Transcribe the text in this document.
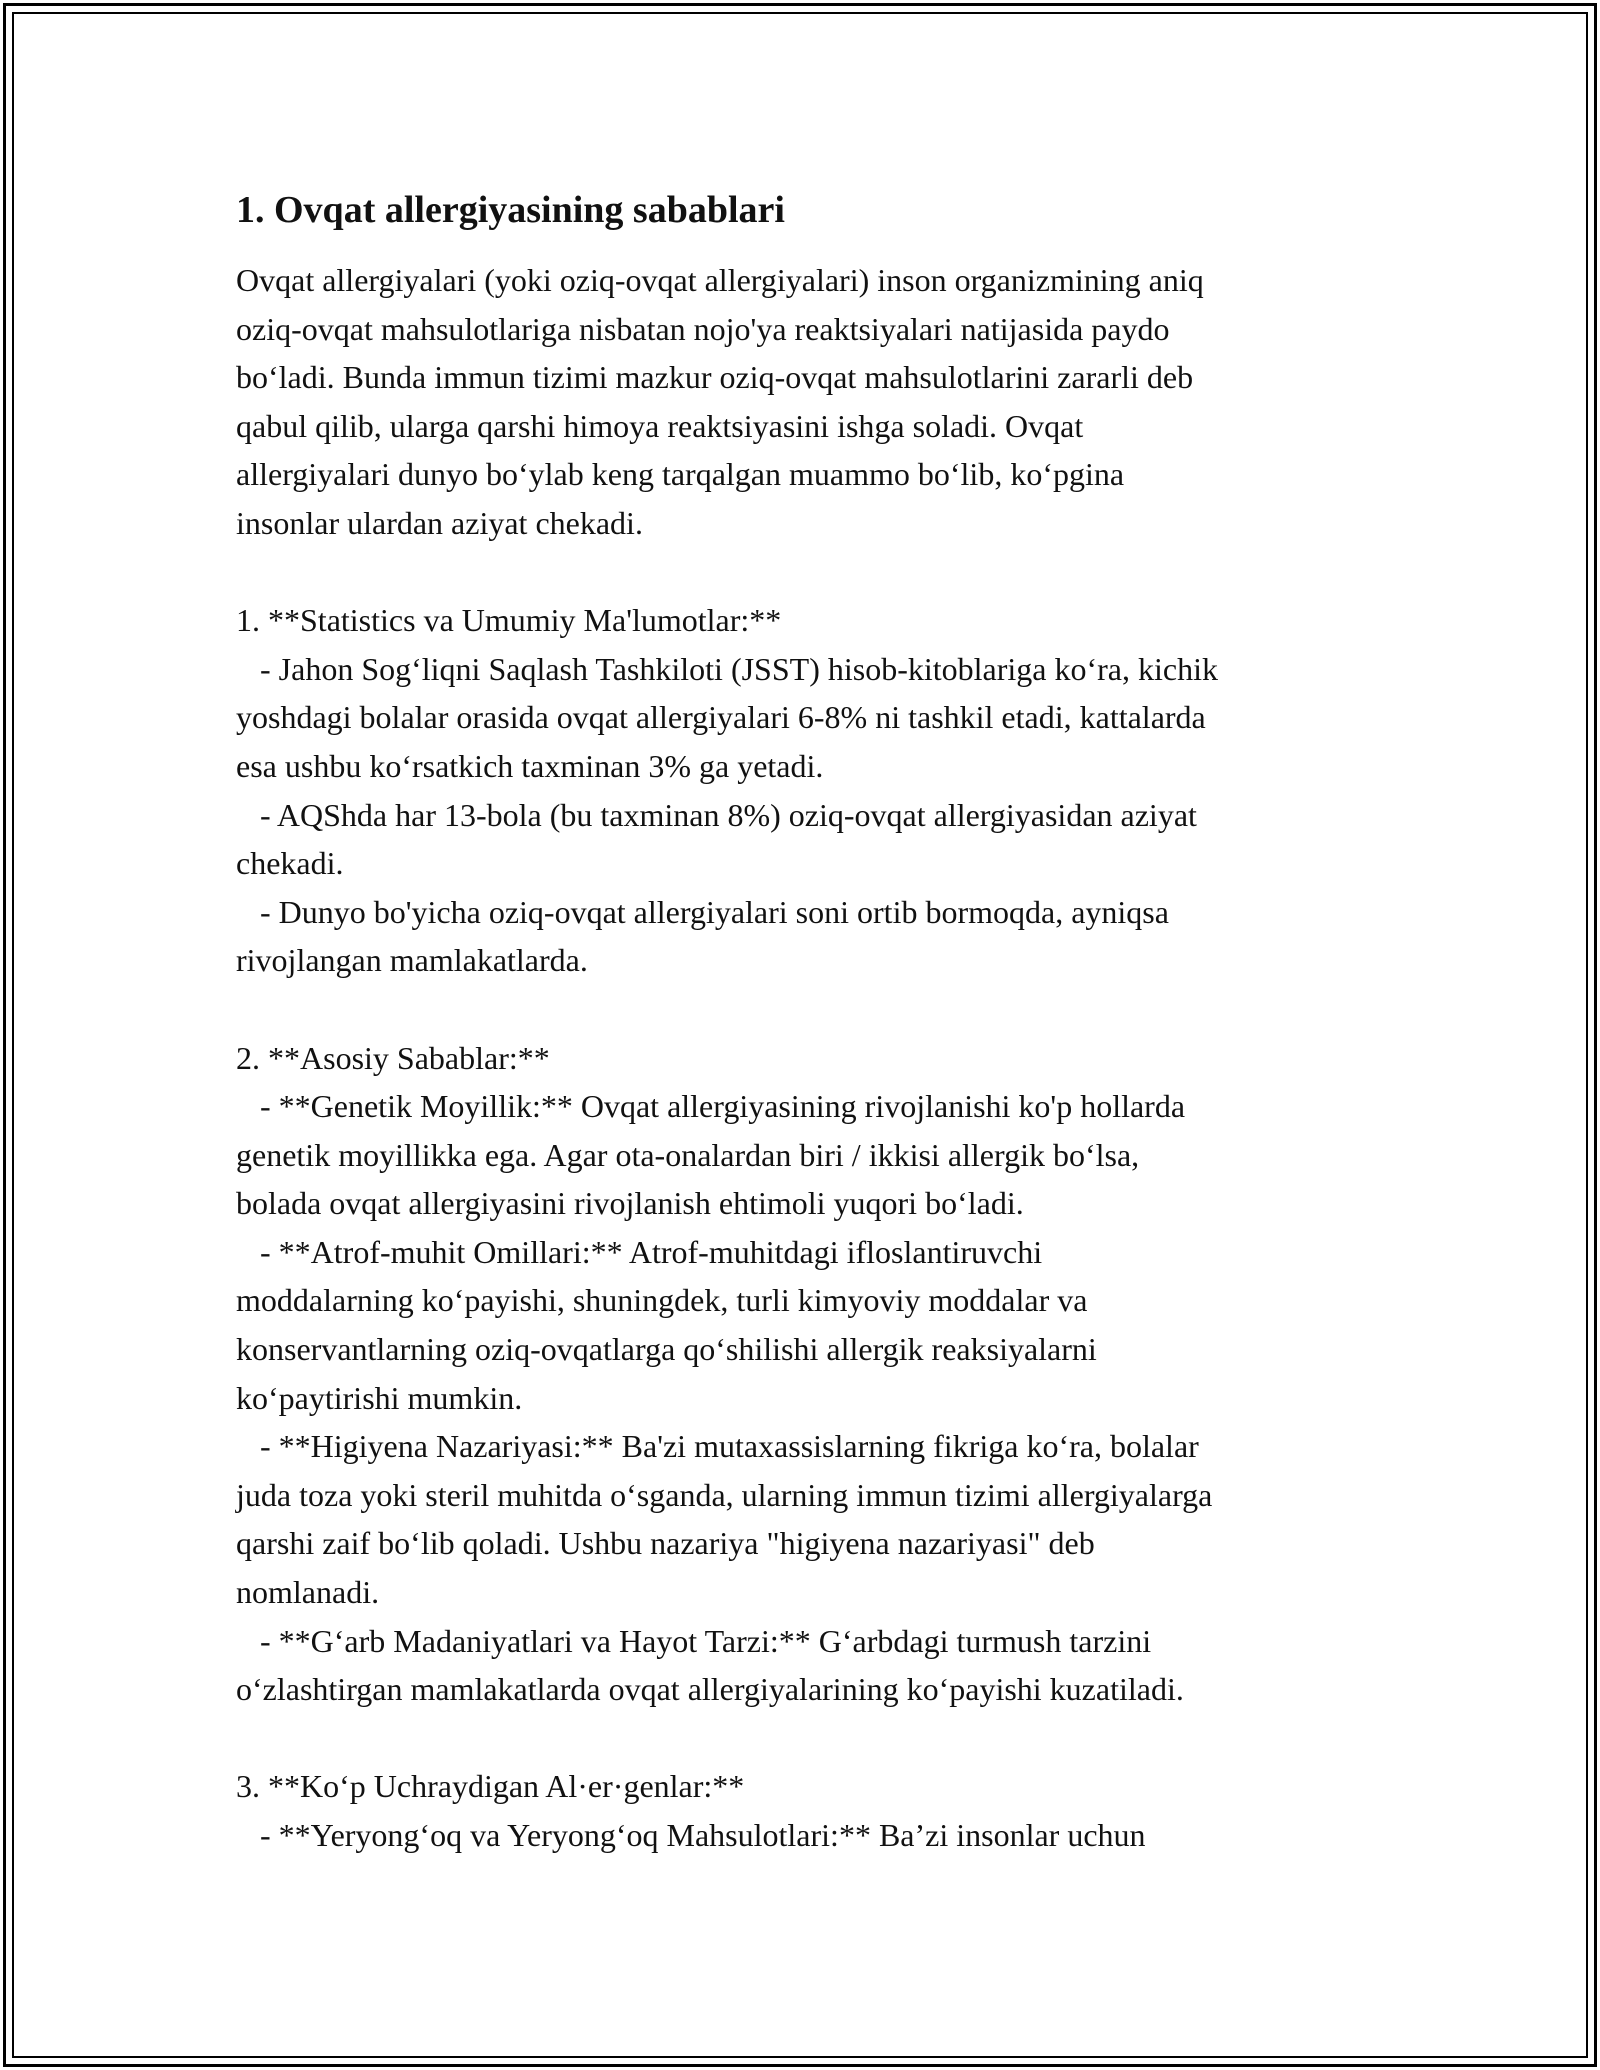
1. Ovqat allergiyasining sabablari
Ovqat allergiyalari (yoki oziq-ovqat allergiyalari) inson organizmining aniq
oziq-ovqat mahsulotlariga nisbatan nojo'ya reaktsiyalari natijasida paydo
bo‘ladi. Bunda immun tizimi mazkur oziq-ovqat mahsulotlarini zararli deb
qabul qilib, ularga qarshi himoya reaktsiyasini ishga soladi. Ovqat
allergiyalari dunyo bo‘ylab keng tarqalgan muammo bo‘lib, ko‘pgina
insonlar ulardan aziyat chekadi.

1. **Statistics va Umumiy Ma'lumotlar:**
- Jahon Sog‘liqni Saqlash Tashkiloti (JSST) hisob-kitoblariga ko‘ra, kichik
yoshdagi bolalar orasida ovqat allergiyalari 6-8% ni tashkil etadi, kattalarda
esa ushbu ko‘rsatkich taxminan 3% ga yetadi.
- AQShda har 13-bola (bu taxminan 8%) oziq-ovqat allergiyasidan aziyat
chekadi.
- Dunyo bo'yicha oziq-ovqat allergiyalari soni ortib bormoqda, ayniqsa
rivojlangan mamlakatlarda.

2. **Asosiy Sabablar:**
- **Genetik Moyillik:** Ovqat allergiyasining rivojlanishi ko'p hollarda
genetik moyillikka ega. Agar ota-onalardan biri / ikkisi allergik bo‘lsa,
bolada ovqat allergiyasini rivojlanish ehtimoli yuqori bo‘ladi.
- **Atrof-muhit Omillari:** Atrof-muhitdagi ifloslantiruvchi
moddalarning ko‘payishi, shuningdek, turli kimyoviy moddalar va
konservantlarning oziq-ovqatlarga qo‘shilishi allergik reaksiyalarni
ko‘paytirishi mumkin.
- **Higiyena Nazariyasi:** Ba'zi mutaxassislarning fikriga ko‘ra, bolalar
juda toza yoki steril muhitda o‘sganda, ularning immun tizimi allergiyalarga
qarshi zaif bo‘lib qoladi. Ushbu nazariya "higiyena nazariyasi" deb
nomlanadi.
- **G‘arb Madaniyatlari va Hayot Tarzi:** G‘arbdagi turmush tarzini
o‘zlashtirgan mamlakatlarda ovqat allergiyalarining ko‘payishi kuzatiladi.

3. **Ko‘p Uchraydigan Al·er·genlar:**
- **Yeryong‘oq va Yeryong‘oq Mahsulotlari:** Ba’zi insonlar uchun
